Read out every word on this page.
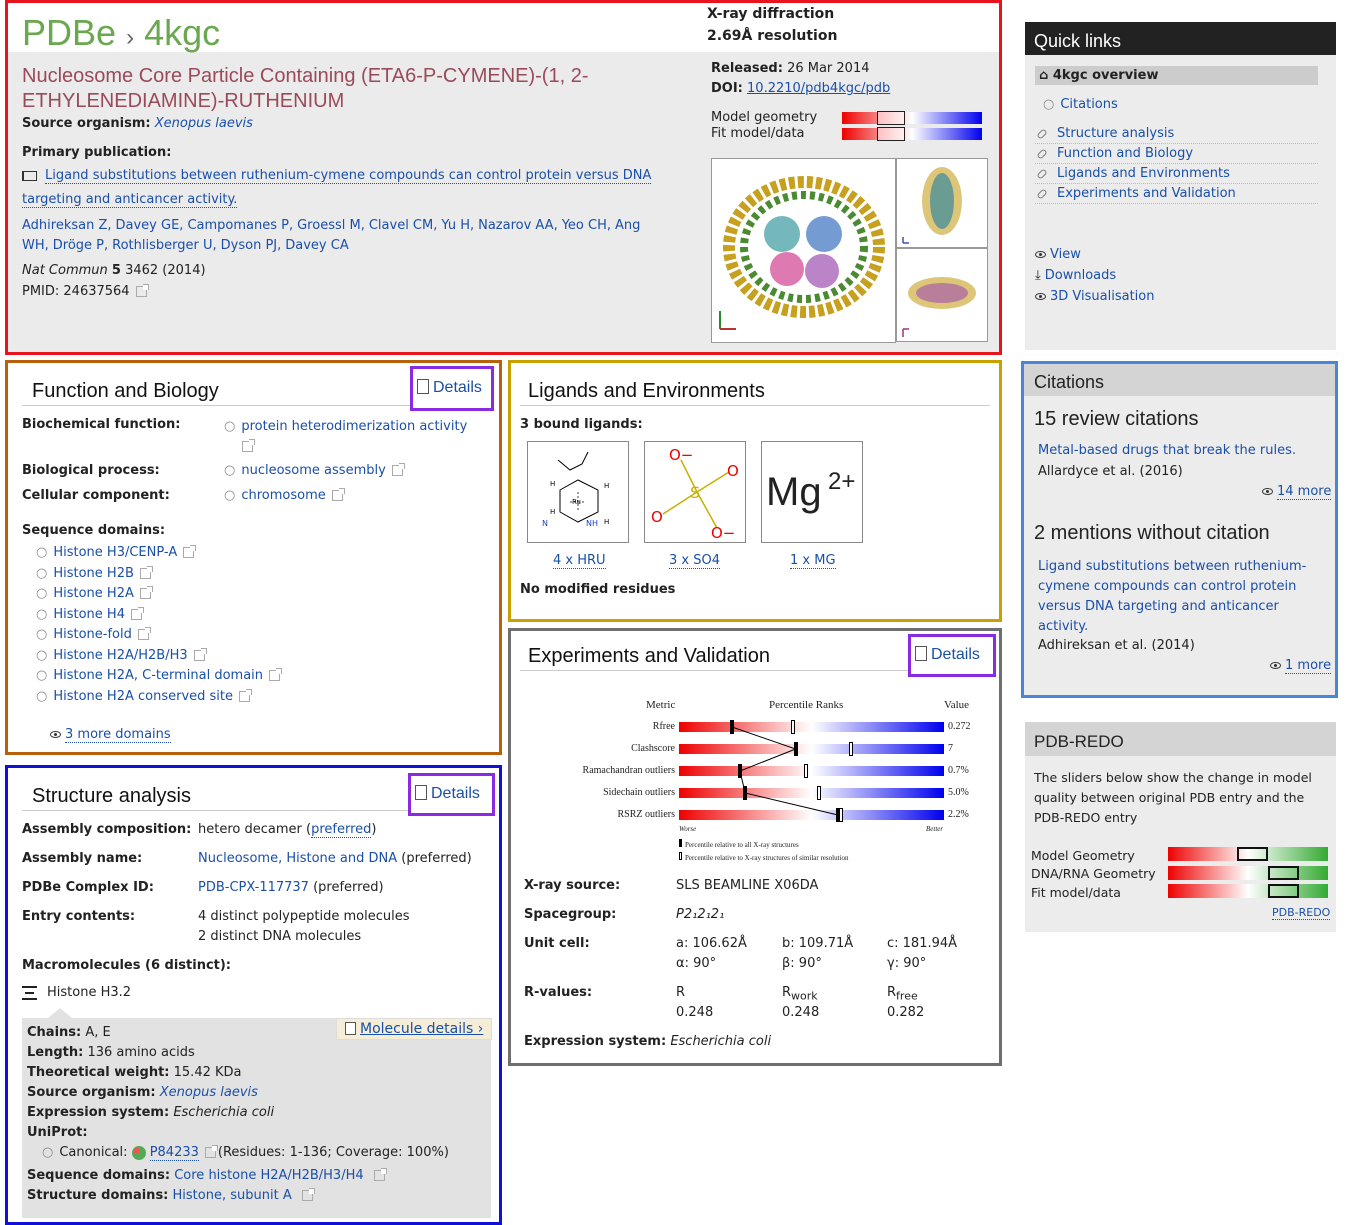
PDBe › 4kgc
Nucleosome Core Particle Containing (ETA6-P-CYMENE)-(1, 2-ETHYLENEDIAMINE)-RUTHENIUM
Source organism: Xenopus laevis
Primary publication:
Ligand substitutions between ruthenium-cymene compounds can control protein versus DNA targeting and anticancer activity.
Adhireksan Z, Davey GE, Campomanes P, Groessl M, Clavel CM, Yu H, Nazarov AA, Yeo CH, Ang WH, Dröge P, Rothlisberger U, Dyson PJ, Davey CA
Nat Commun 5 3462 (2014)
PMID: 24637564
X-ray diffraction
2.69Å resolution
Released: 26 Mar 2014
DOI: 10.2210/pdb4kgc/pdb
Model geometry
Fit model/data
Quick links
⌂ 4kgc overview
○ Citations
Structure analysis
Function and Biology
Ligands and Environments
Experiments and Validation
View
⤓ Downloads
3D Visualisation
Citations
15 review citations
Metal-based drugs that break the rules.
Allardyce et al. (2016)
14 more
2 mentions without citation
Ligand substitutions between ruthenium-cymene compounds can control protein versus DNA targeting and anticancer activity.
Adhireksan et al. (2014)
1 more
PDB-REDO
The sliders below show the change in model quality between original PDB entry and the PDB-REDO entry
Model Geometry
DNA/RNA Geometry
Fit model/data
PDB-REDO
Function and Biology	Details
Biochemical function:	○ protein heterodimerization activity

Biological process:	○ nucleosome assembly
Cellular component:	○ chromosome
Sequence domains:
○ Histone H3/CENP-A
○ Histone H2B
○ Histone H2A
○ Histone H4
○ Histone-fold
○ Histone H2A/H2B/H3
○ Histone H2A, C-terminal domain
○ Histone H2A conserved site
3 more domains
Ligands and Environments
3 bound ligands:
H	H
Ru
H
N	NH H
S
O−
O
O
O−
Mg 2+
4 x HRU	3 x SO4	1 x MG
No modified residues
Experiments and Validation	Details
Metric	Percentile Ranks	Value
Rfree	0.272
Clashscore	7
Ramachandran outliers	0.7%
Sidechain outliers	5.0%
RSRZ outliers	2.2%
Worse	Better
Percentile relative to all X-ray structures
Percentile relative to X-ray structures of similar resolution
X-ray source:	SLS BEAMLINE X06DA
Spacegroup:	P2₁2₁2₁
Unit cell:	a: 106.62Å	b: 109.71Å	c: 181.94Å
α: 90°	β: 90°	γ: 90°
R-values:	R	$R_{work}$	$R_{free}$
0.248	0.248	0.282
Expression system: Escherichia coli
Structure analysis	Details
Assembly composition: hetero decamer (preferred)
Assembly name:	Nucleosome, Histone and DNA (preferred)
PDBe Complex ID:	PDB-CPX-117737 (preferred)
Entry contents:	4 distinct polypeptide molecules
2 distinct DNA molecules
Macromolecules (6 distinct):
Histone H3.2
Molecule details ›
Chains: A, E
Length: 136 amino acids
Theoretical weight: 15.42 KDa
Source organism: Xenopus laevis
Expression system: Escherichia coli
UniProt:
○ Canonical: P84233 (Residues: 1-136; Coverage: 100%)
Sequence domains: Core histone H2A/H2B/H3/H4
Structure domains: Histone, subunit A
